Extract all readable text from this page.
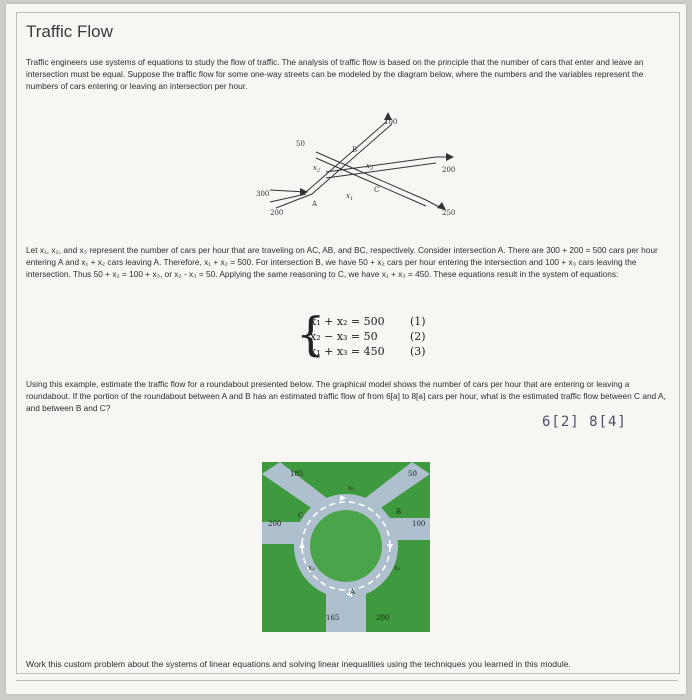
Traffic Flow
Traffic engineers use systems of equations to study the flow of traffic. The analysis of traffic flow is based on the principle that the number of cars that enter and leave an intersection must be equal. Suppose the traffic flow for some one-way streets can be modeled by the diagram below, where the numbers and the variables represent the numbers of cars entering or leaving an intersection per hour.
100
50
200
300
200	250
A
B
C
$x_2$
$x_3$
$x_1$
Let x₁, x₂, and x₃ represent the number of cars per hour that are traveling on AC, AB, and BC, respectively. Consider intersection A. There are 300 + 200 = 500 cars per hour entering A and x₁ + x₂ cars leaving A. Therefore, x₁ + x₂ = 500. For intersection B, we have 50 + x₂ cars per hour entering the intersection and 100 + x₃ cars leaving the intersection. Thus 50 + x₂ = 100 + x₃, or x₂ - x₃ = 50. Applying the same reasoning to C, we have x₁ + x₃ = 450. These equations result in the system of equations:
{
x₁ + x₂ = 500 (1)
x₂ − x₃ = 50	(2)
x₁ + x₃ = 450 (3)
Using this example, estimate the traffic flow for a roundabout presented below. The graphical model shows the number of cars per hour that are entering or leaving a roundabout. If the portion of the roundabout between A and B has an estimated traffic flow of from 6[a] to 8[a] cars per hour, what is the estimated traffic flow between C and A, and between B and C?
6[2] 8[4]
185	50
200	100
165	200
A
B
C
x₂
x₃	x₁
Work this custom problem about the systems of linear equations and solving linear inequalities using the techniques you learned in this module.
